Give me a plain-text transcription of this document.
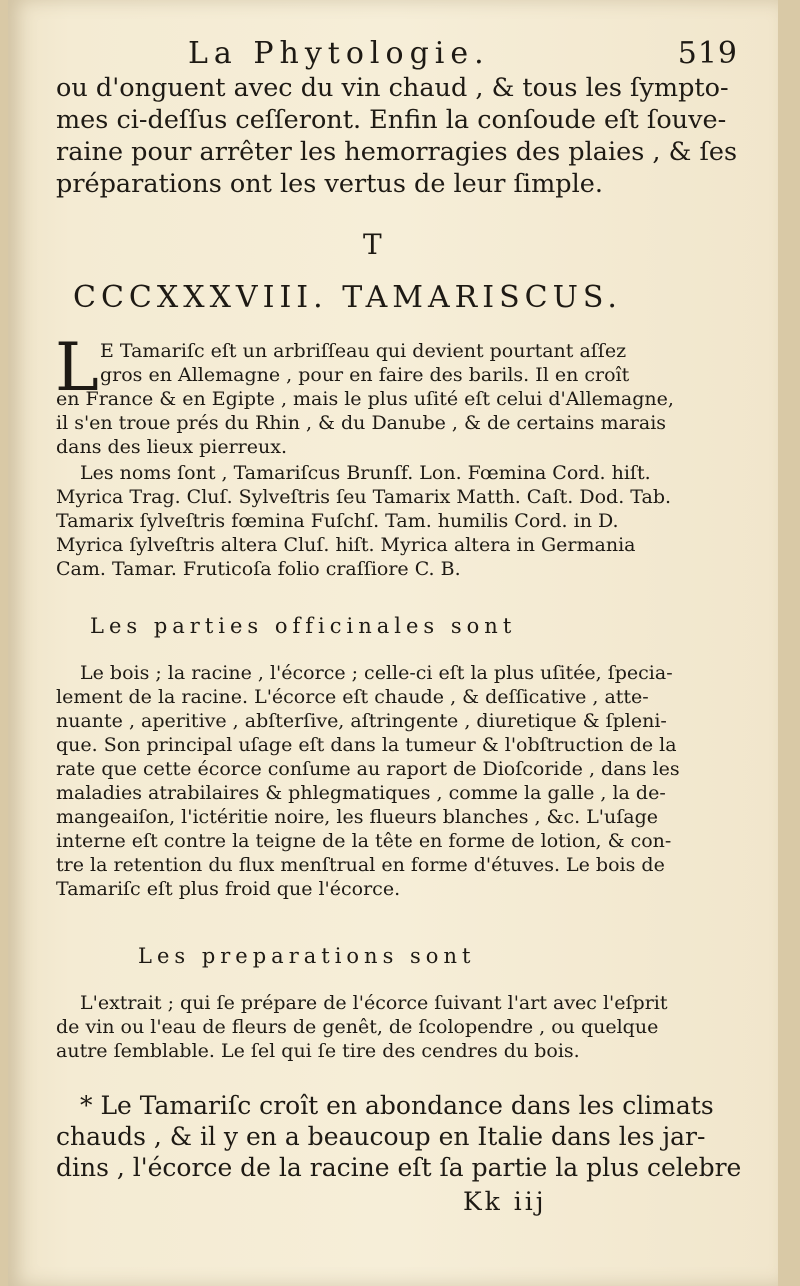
La Phytologie.	519
ou d'onguent avec du vin chaud , & tous les ſympto-
mes ci-deſſus ceſſeront. Enfin la conſoude eſt ſouve-
raine pour arrêter les hemorragies des plaies , & ſes
préparations ont les vertus de leur ſimple.
T
CCCXXXVIII. TAMARISCUS.
L E Tamariſc eſt un arbriſſeau qui devient pourtant aſſez
gros en Allemagne , pour en faire des barils. Il en croît
en France & en Egipte , mais le plus uſité eſt celui d'Allemagne,
il s'en troue prés du Rhin , & du Danube , & de certains marais
dans des lieux pierreux.
Les noms ſont , Tamariſcus Brunſf. Lon. Fœmina Cord. hiſt.
Myrica Trag. Cluſ. Sylveſtris ſeu Tamarix Matth. Caſt. Dod. Tab.
Tamarix ſylveſtris fœmina Fuſchſ. Tam. humilis Cord. in D.
Myrica ſylveſtris altera Cluſ. hiſt. Myrica altera in Germania
Cam. Tamar. Fruticoſa folio craſſiore C. B.
Les parties officinales sont
Le bois ; la racine , l'écorce ; celle-ci eſt la plus uſitée, ſpecia-
lement de la racine. L'écorce eſt chaude , & deſſicative , atte-
nuante , aperitive , abſterſive, aſtringente , diuretique & ſpleni-
que. Son principal uſage eſt dans la tumeur & l'obſtruction de la
rate que cette écorce conſume au raport de Dioſcoride , dans les
maladies atrabilaires & phlegmatiques , comme la galle , la de-
mangeaiſon, l'ictéritie noire, les flueurs blanches , &c. L'uſage
interne eſt contre la teigne de la tête en forme de lotion, & con-
tre la retention du flux menſtrual en forme d'étuves. Le bois de
Tamariſc eſt plus froid que l'écorce.
Les preparations sont
L'extrait ; qui ſe prépare de l'écorce ſuivant l'art avec l'eſprit
de vin ou l'eau de fleurs de genêt, de ſcolopendre , ou quelque
autre ſemblable. Le ſel qui ſe tire des cendres du bois.
* Le Tamariſc croît en abondance dans les climats
chauds , & il y en a beaucoup en Italie dans les jar-
dins , l'écorce de la racine eſt ſa partie la plus celebre
Kk iij
